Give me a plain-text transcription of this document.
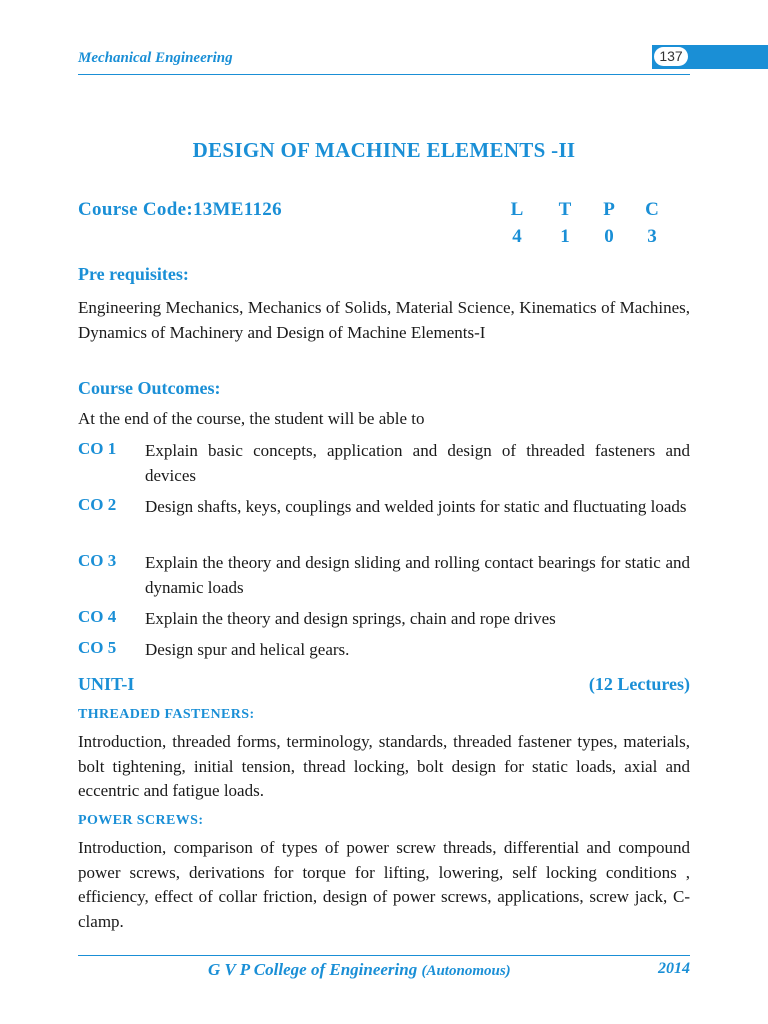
Mechanical Engineering	137
DESIGN OF MACHINE ELEMENTS -II
Course Code:13ME1126	L T	P	C
4	1	0	3
Pre requisites:
Engineering Mechanics, Mechanics of Solids, Material Science, Kinematics of Machines, Dynamics of Machinery and Design of Machine Elements-I
Course Outcomes:
At the end of the course, the student will be able to
CO 1 Explain basic concepts, application and design of threaded fasteners and devices
CO 2 Design shafts, keys, couplings and welded joints for static and fluctuating loads
CO 3 Explain the theory and design sliding and rolling contact bearings for static and dynamic loads
CO 4 Explain the theory and design springs, chain and rope drives
CO 5 Design spur and helical gears.
UNIT-I	(12 Lectures)
THREADED FASTENERS:
Introduction, threaded forms, terminology, standards, threaded fastener types, materials, bolt tightening, initial tension, thread locking, bolt design for static loads, axial and eccentric and fatigue loads.
POWER SCREWS:
Introduction, comparison of types of power screw threads, differential and compound power screws, derivations for torque for lifting, lowering, self locking conditions , efficiency, effect of collar friction, design of power screws, applications, screw jack, C- clamp.
G V P College of Engineering (Autonomous)	2014
